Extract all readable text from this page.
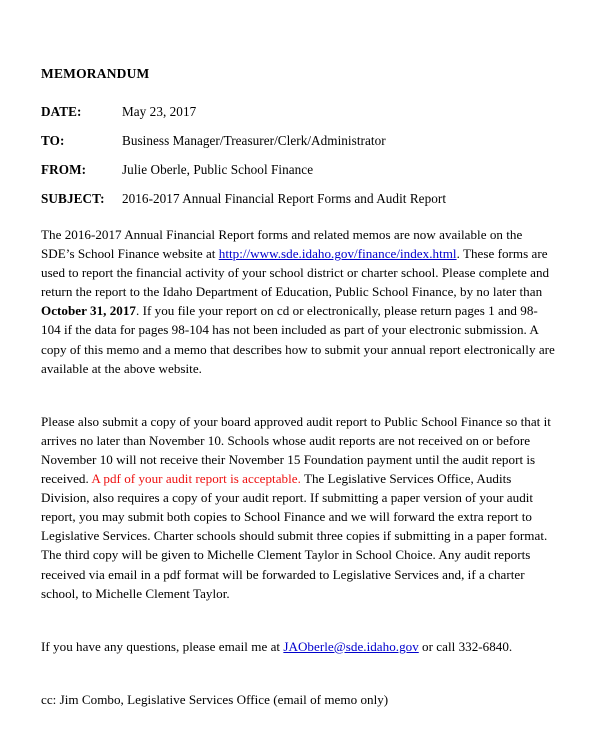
MEMORANDUM
DATE:	May 23, 2017
TO:	Business Manager/Treasurer/Clerk/Administrator
FROM:	Julie Oberle, Public School Finance
SUBJECT:	2016-2017 Annual Financial Report Forms and Audit Report

The 2016-2017 Annual Financial Report forms and related memos are now available on the SDE’s School Finance website at http://www.sde.idaho.gov/finance/index.html. These forms are used to report the financial activity of your school district or charter school. Please complete and return the report to the Idaho Department of Education, Public School Finance, by no later than October 31, 2017. If you file your report on cd or electronically, please return pages 1 and 98-104 if the data for pages 98-104 has not been included as part of your electronic submission. A copy of this memo and a memo that describes how to submit your annual report electronically are available at the above website.

Please also submit a copy of your board approved audit report to Public School Finance so that it arrives no later than November 10. Schools whose audit reports are not received on or before November 10 will not receive their November 15 Foundation payment until the audit report is received. A pdf of your audit report is acceptable. The Legislative Services Office, Audits Division, also requires a copy of your audit report. If submitting a paper version of your audit report, you may submit both copies to School Finance and we will forward the extra report to Legislative Services. Charter schools should submit three copies if submitting in a paper format. The third copy will be given to Michelle Clement Taylor in School Choice. Any audit reports received via email in a pdf format will be forwarded to Legislative Services and, if a charter school, to Michelle Clement Taylor.

If you have any questions, please email me at JAOberle@sde.idaho.gov or call 332-6840.

cc: Jim Combo, Legislative Services Office (email of memo only)
